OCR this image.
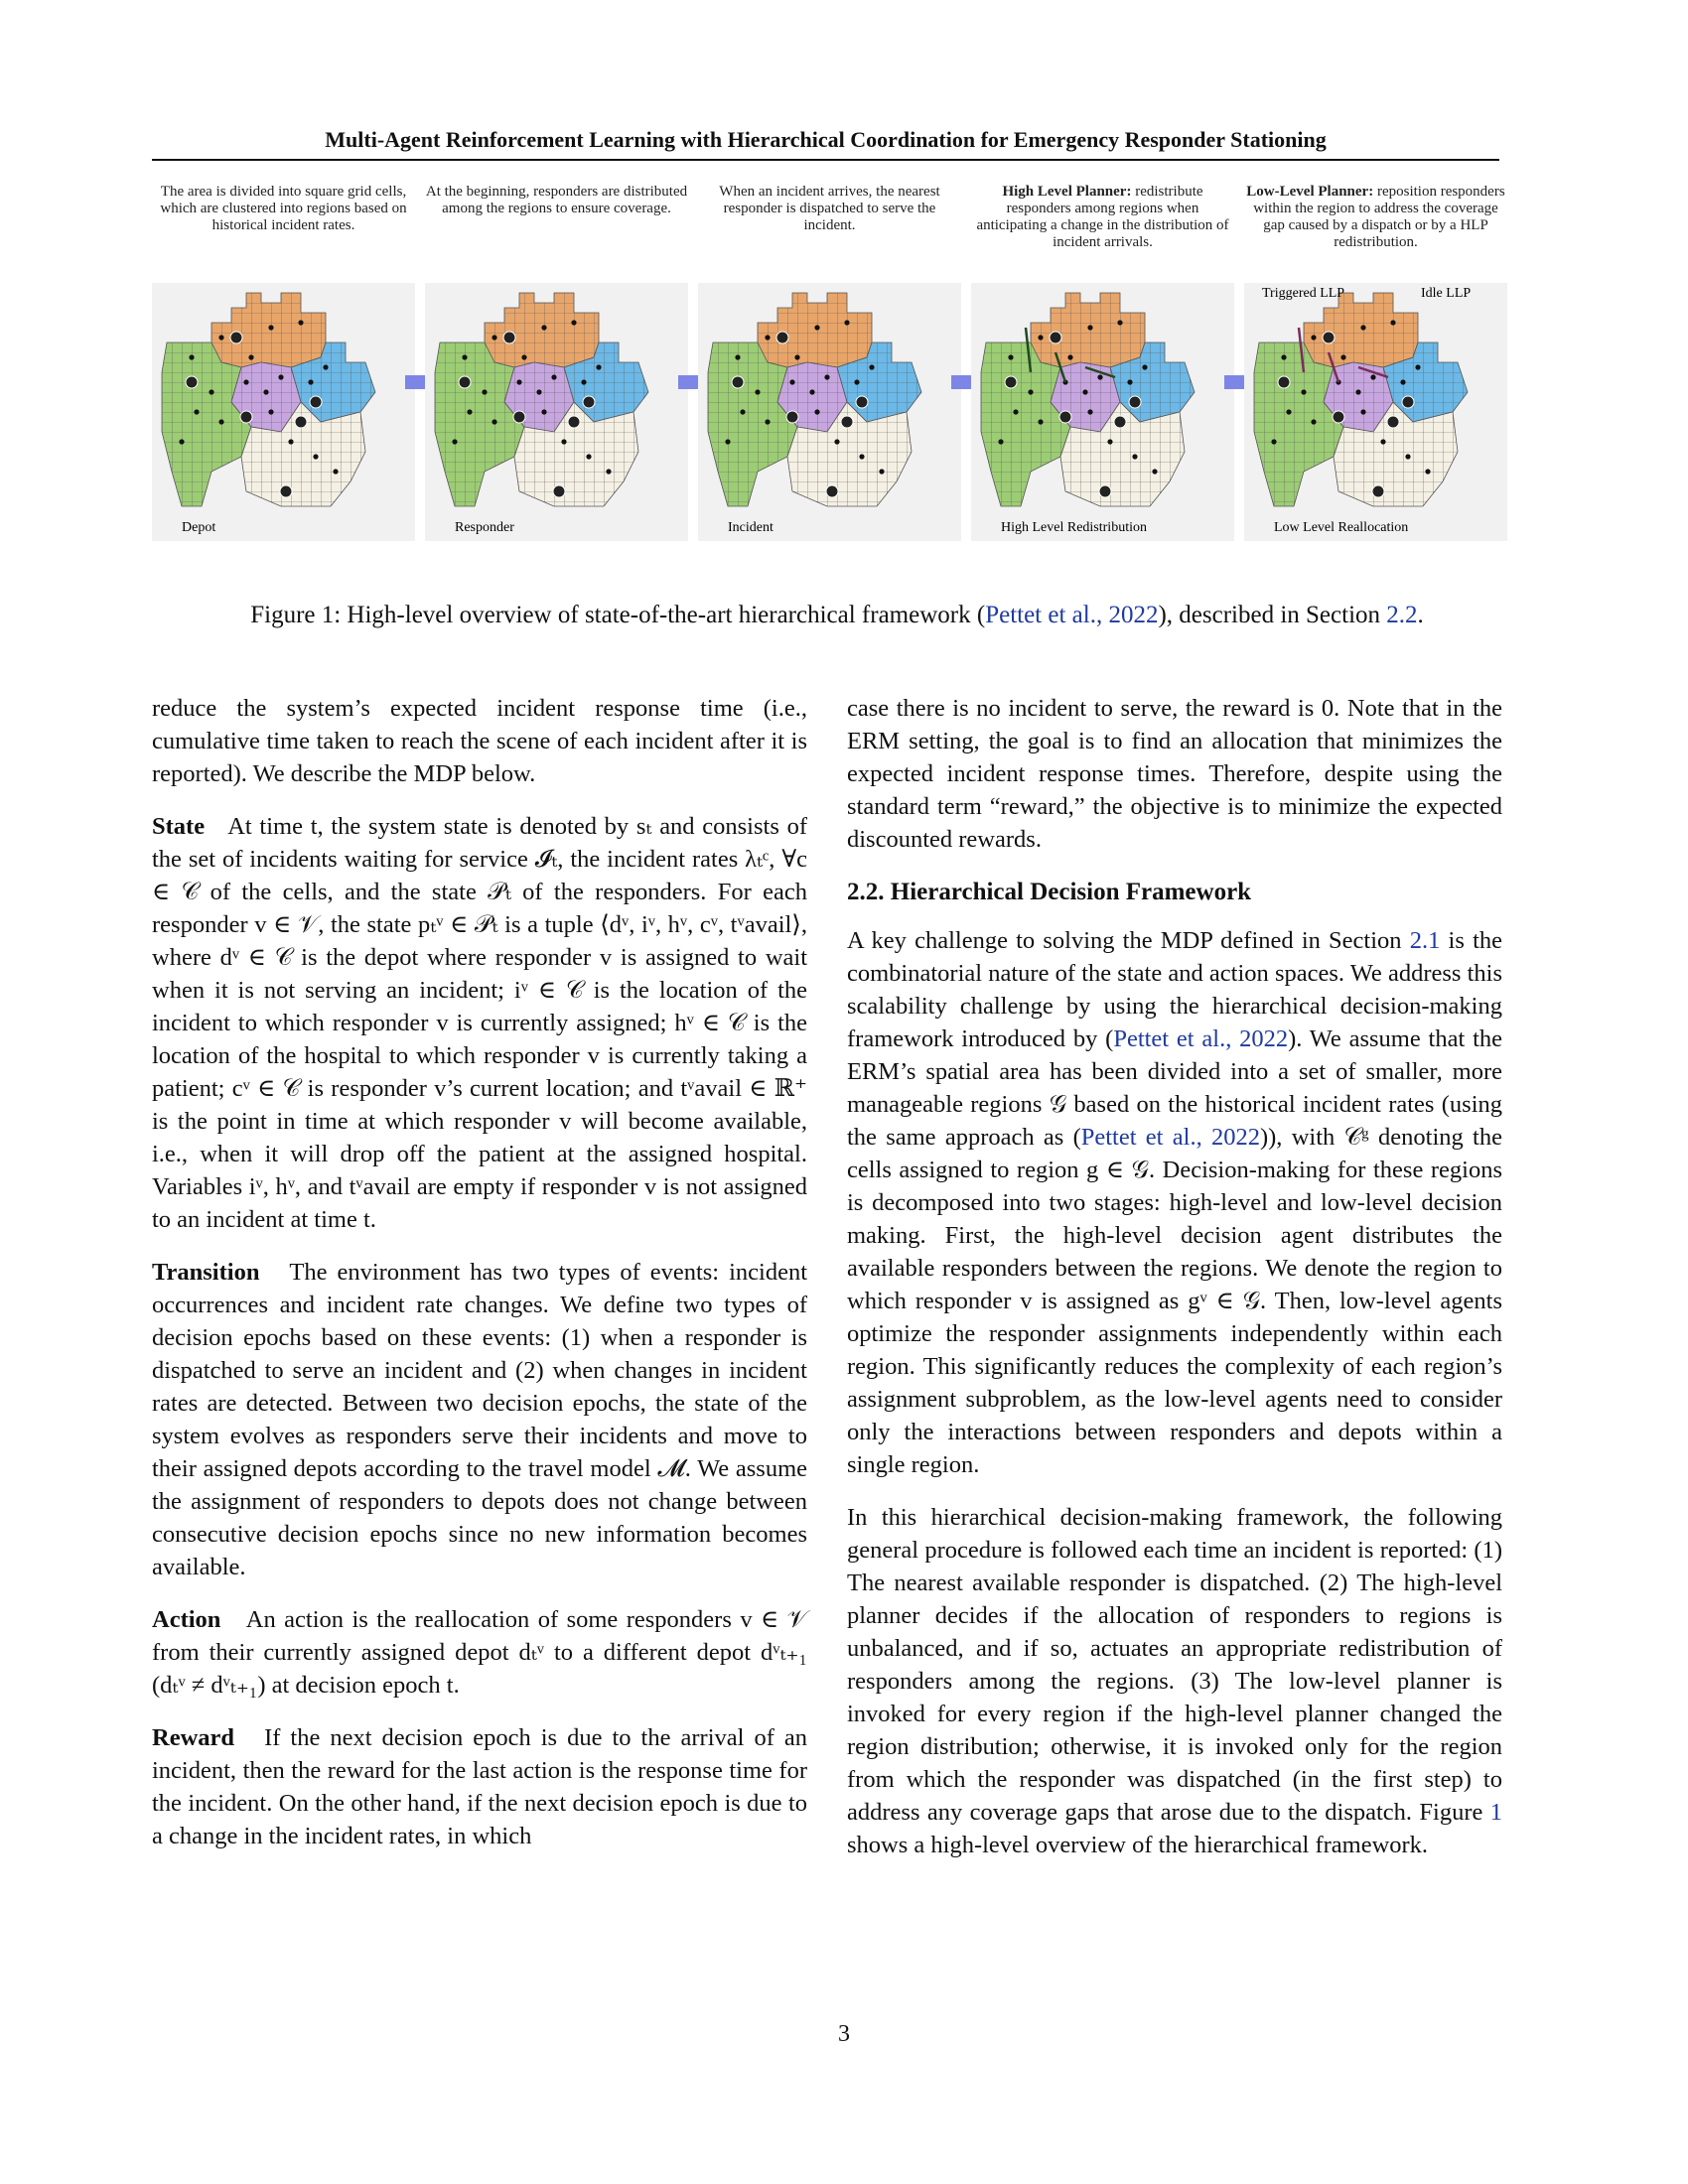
Multi-Agent Reinforcement Learning with Hierarchical Coordination for Emergency Responder Stationing
The area is divided into square grid cells, which are clustered into regions based on historical incident rates.
Depot
At the beginning, responders are distributed among the regions to ensure coverage.
Responder
When an incident arrives, the nearest responder is dispatched to serve the incident.
Incident
High Level Planner: redistribute responders among regions when anticipating a change in the distribution of incident arrivals.
High Level Redistribution
Low-Level Planner: reposition responders within the region to address the coverage gap caused by a dispatch or by a HLP redistribution.
Low Level Reallocation
Triggered LLP	Idle LLP
Figure 1: High-level overview of state-of-the-art hierarchical framework (Pettet et al., 2022), described in Section 2.2.

reduce the system’s expected incident response time (i.e., cumulative time taken to reach the scene of each incident after it is reported). We describe the MDP below.

State At time t, the system state is denoted by sₜ and consists of the set of incidents waiting for service 𝓘ₜ, the incident rates λₜᶜ, ∀c ∈ 𝒞 of the cells, and the state 𝒫ₜ of the responders. For each responder v ∈ 𝒱, the state pₜᵛ ∈ 𝒫ₜ is a tuple ⟨dᵛ, iᵛ, hᵛ, cᵛ, tᵛavail⟩, where dᵛ ∈ 𝒞 is the depot where responder v is assigned to wait when it is not serving an incident; iᵛ ∈ 𝒞 is the location of the incident to which responder v is currently assigned; hᵛ ∈ 𝒞 is the location of the hospital to which responder v is currently taking a patient; cᵛ ∈ 𝒞 is responder v’s current location; and tᵛavail ∈ ℝ⁺ is the point in time at which responder v will become available, i.e., when it will drop off the patient at the assigned hospital. Variables iᵛ, hᵛ, and tᵛavail are empty if responder v is not assigned to an incident at time t.

Transition The environment has two types of events: incident occurrences and incident rate changes. We define two types of decision epochs based on these events: (1) when a responder is dispatched to serve an incident and (2) when changes in incident rates are detected. Between two decision epochs, the state of the system evolves as responders serve their incidents and move to their assigned depots according to the travel model 𝓜. We assume the assignment of responders to depots does not change between consecutive decision epochs since no new information becomes available.

Action An action is the reallocation of some responders v ∈ 𝒱 from their currently assigned depot dₜᵛ to a different depot dᵛₜ₊₁ (dₜᵛ ≠ dᵛₜ₊₁) at decision epoch t.

Reward If the next decision epoch is due to the arrival of an incident, then the reward for the last action is the response time for the incident. On the other hand, if the next decision epoch is due to a change in the incident rates, in which

case there is no incident to serve, the reward is 0. Note that in the ERM setting, the goal is to find an allocation that minimizes the expected incident response times. Therefore, despite using the standard term “reward,” the objective is to minimize the expected discounted rewards.

2.2. Hierarchical Decision Framework

A key challenge to solving the MDP defined in Section 2.1 is the combinatorial nature of the state and action spaces. We address this scalability challenge by using the hierarchical decision-making framework introduced by (Pettet et al., 2022). We assume that the ERM’s spatial area has been divided into a set of smaller, more manageable regions 𝒢 based on the historical incident rates (using the same approach as (Pettet et al., 2022)), with 𝒞ᵍ denoting the cells assigned to region g ∈ 𝒢. Decision-making for these regions is decomposed into two stages: high-level and low-level decision making. First, the high-level decision agent distributes the available responders between the regions. We denote the region to which responder v is assigned as gᵛ ∈ 𝒢. Then, low-level agents optimize the responder assignments independently within each region. This significantly reduces the complexity of each region’s assignment subproblem, as the low-level agents need to consider only the interactions between responders and depots within a single region.

In this hierarchical decision-making framework, the following general procedure is followed each time an incident is reported: (1) The nearest available responder is dispatched. (2) The high-level planner decides if the allocation of responders to regions is unbalanced, and if so, actuates an appropriate redistribution of responders among the regions. (3) The low-level planner is invoked for every region if the high-level planner changed the region distribution; otherwise, it is invoked only for the region from which the responder was dispatched (in the first step) to address any coverage gaps that arose due to the dispatch. Figure 1 shows a high-level overview of the hierarchical framework.

3
